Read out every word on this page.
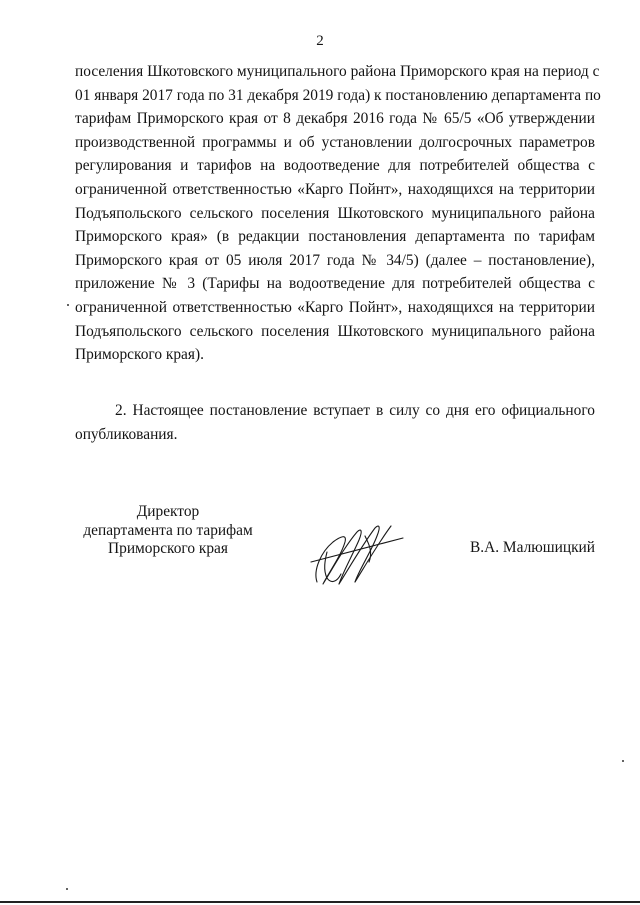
2
поселения Шкотовского муниципального района Приморского края на период с
01 января 2017 года по 31 декабря 2019 года) к постановлению департамента по
тарифам Приморского края от 8 декабря 2016 года № 65/5 «Об утверждении
производственной программы и об установлении долгосрочных параметров
регулирования и тарифов на водоотведение для потребителей общества с
ограниченной ответственностью «Карго Пойнт», находящихся на территории
Подъяпольского сельского поселения Шкотовского муниципального района
Приморского края» (в редакции постановления департамента по тарифам
Приморского края от 05 июля 2017 года № 34/5) (далее – постановление),
приложение № 3 (Тарифы на водоотведение для потребителей общества с
ограниченной ответственностью «Карго Пойнт», находящихся на территории
Подъяпольского сельского поселения Шкотовского муниципального района
Приморского края).
2. Настоящее постановление вступает в силу со дня его официального
опубликования.
Директор
департамента по тарифам
Приморского края	В.А. Малюшицкий
